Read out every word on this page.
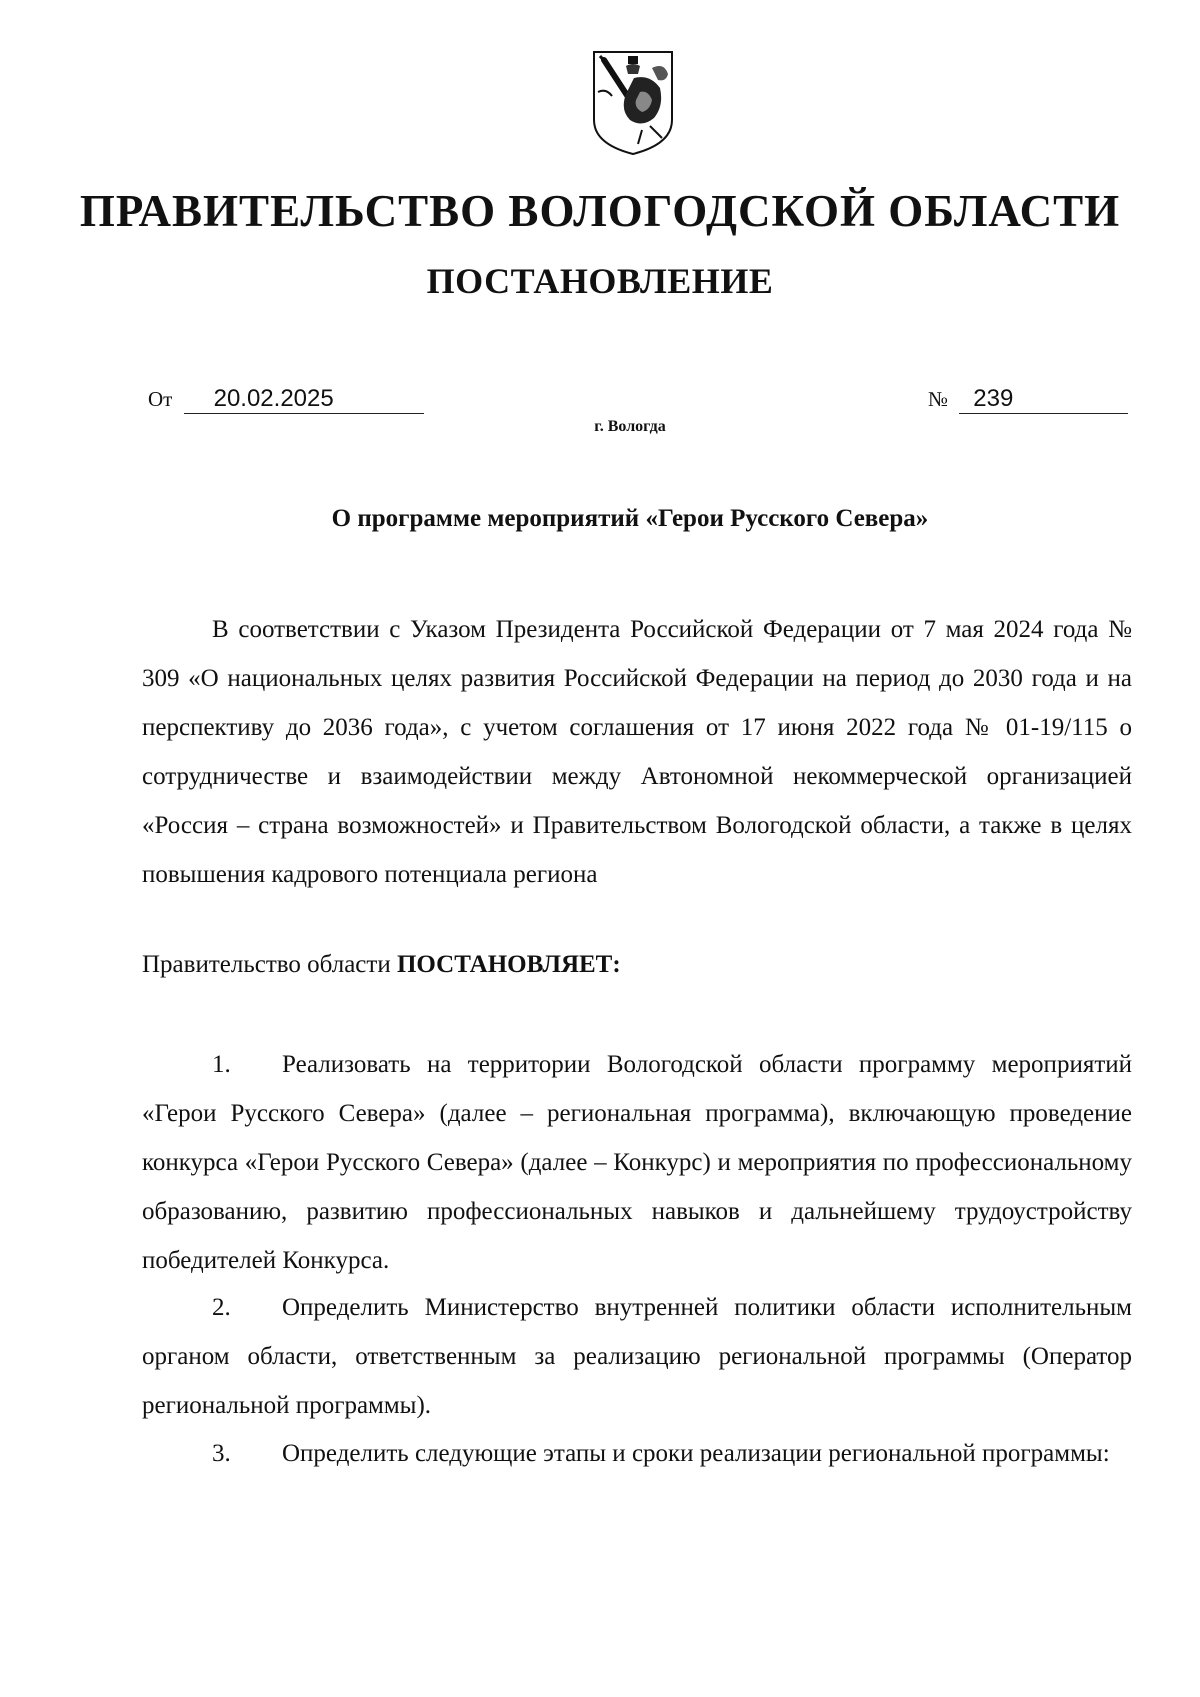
ПРАВИТЕЛЬСТВО ВОЛОГОДСКОЙ ОБЛАСТИ
ПОСТАНОВЛЕНИЕ
От 20.02.2025	№ 239
г. Вологда
О программе мероприятий «Герои Русского Севера»
В соответствии с Указом Президента Российской Федерации от 7 мая 2024 года № 309 «О национальных целях развития Российской Федерации на период до 2030 года и на перспективу до 2036 года», с учетом соглашения от 17 июня 2022 года № 01-19/115 о сотрудничестве и взаимодействии между Автономной некоммерческой организацией «Россия – страна возможностей» и Правительством Вологодской области, а также в целях повышения кадрового потенциала региона
Правительство области ПОСТАНОВЛЯЕТ:
1. Реализовать на территории Вологодской области программу мероприятий «Герои Русского Севера» (далее – региональная программа), включающую проведение конкурса «Герои Русского Севера» (далее – Конкурс) и мероприятия по профессиональному образованию, развитию профессиональных навыков и дальнейшему трудоустройству победителей Конкурса.
2. Определить Министерство внутренней политики области исполнительным органом области, ответственным за реализацию региональной программы (Оператор региональной программы).
3. Определить следующие этапы и сроки реализации региональной программы:
